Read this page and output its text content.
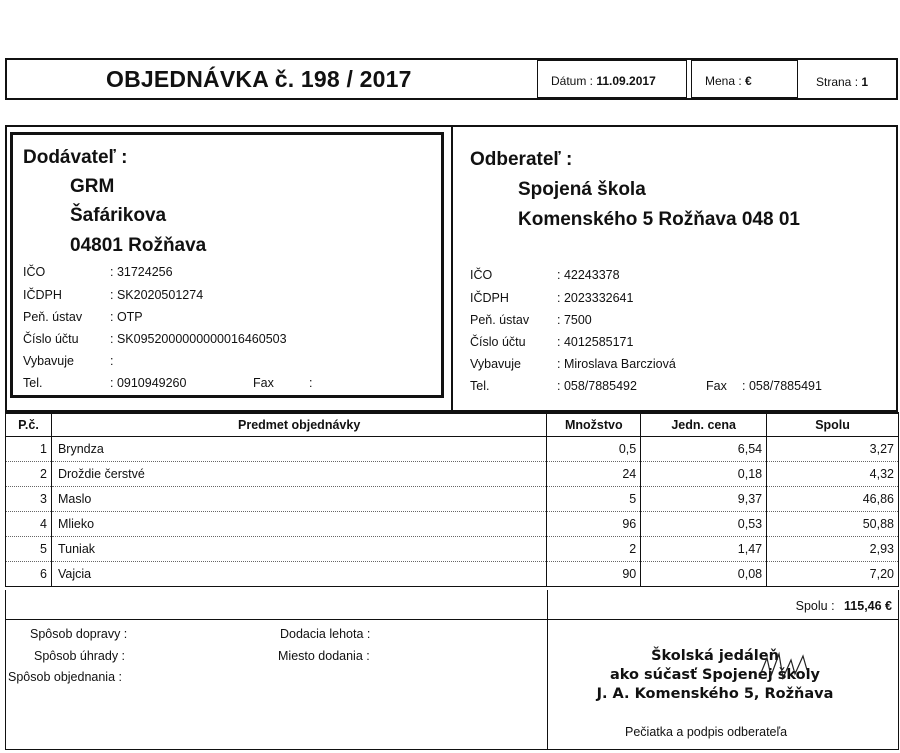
OBJEDNÁVKA č. 198 / 2017	Dátum : 11.09.2017	Mena : €	Strana : 1
Dodávateľ :
GRM
Šafárikova
04801 Rožňava
IČO	: 31724256
IČDPH	: SK2020501274
Peň. ústav : OTP
Číslo účtu	: SK0952000000000016460503
Vybavuje	:
Tel.	: 0910949260	Fax	:
Odberateľ :
Spojená škola
Komenského 5 Rožňava 048 01
IČO	: 42243378
IČDPH	: 2023332641
Peň. ústav : 7500
Číslo účtu	: 4012585171
Vybavuje	: Miroslava Barcziová
Tel.	: 058/7885492	Fax : 058/7885491
P.č.	Predmet objednávky	Množstvo	Jedn. cena	Spolu
1	Bryndza	0,5	6,54	3,27
2	Droždie čerstvé	24	0,18	4,32
3	Maslo	5	9,37	46,86
4	Mlieko	96	0,53	50,88
5	Tuniak	2	1,47	2,93
6	Vajcia	90	0,08	7,20
Spolu : 115,46 €
Spôsob dopravy :
Spôsob úhrady :
Spôsob objednania :
Dodacia lehota :
Miesto dodania :	Školská jedáleň
ako súčasť Spojenej školy
J. A. Komenského 5, Rožňava
Pečiatka a podpis odberateľa
